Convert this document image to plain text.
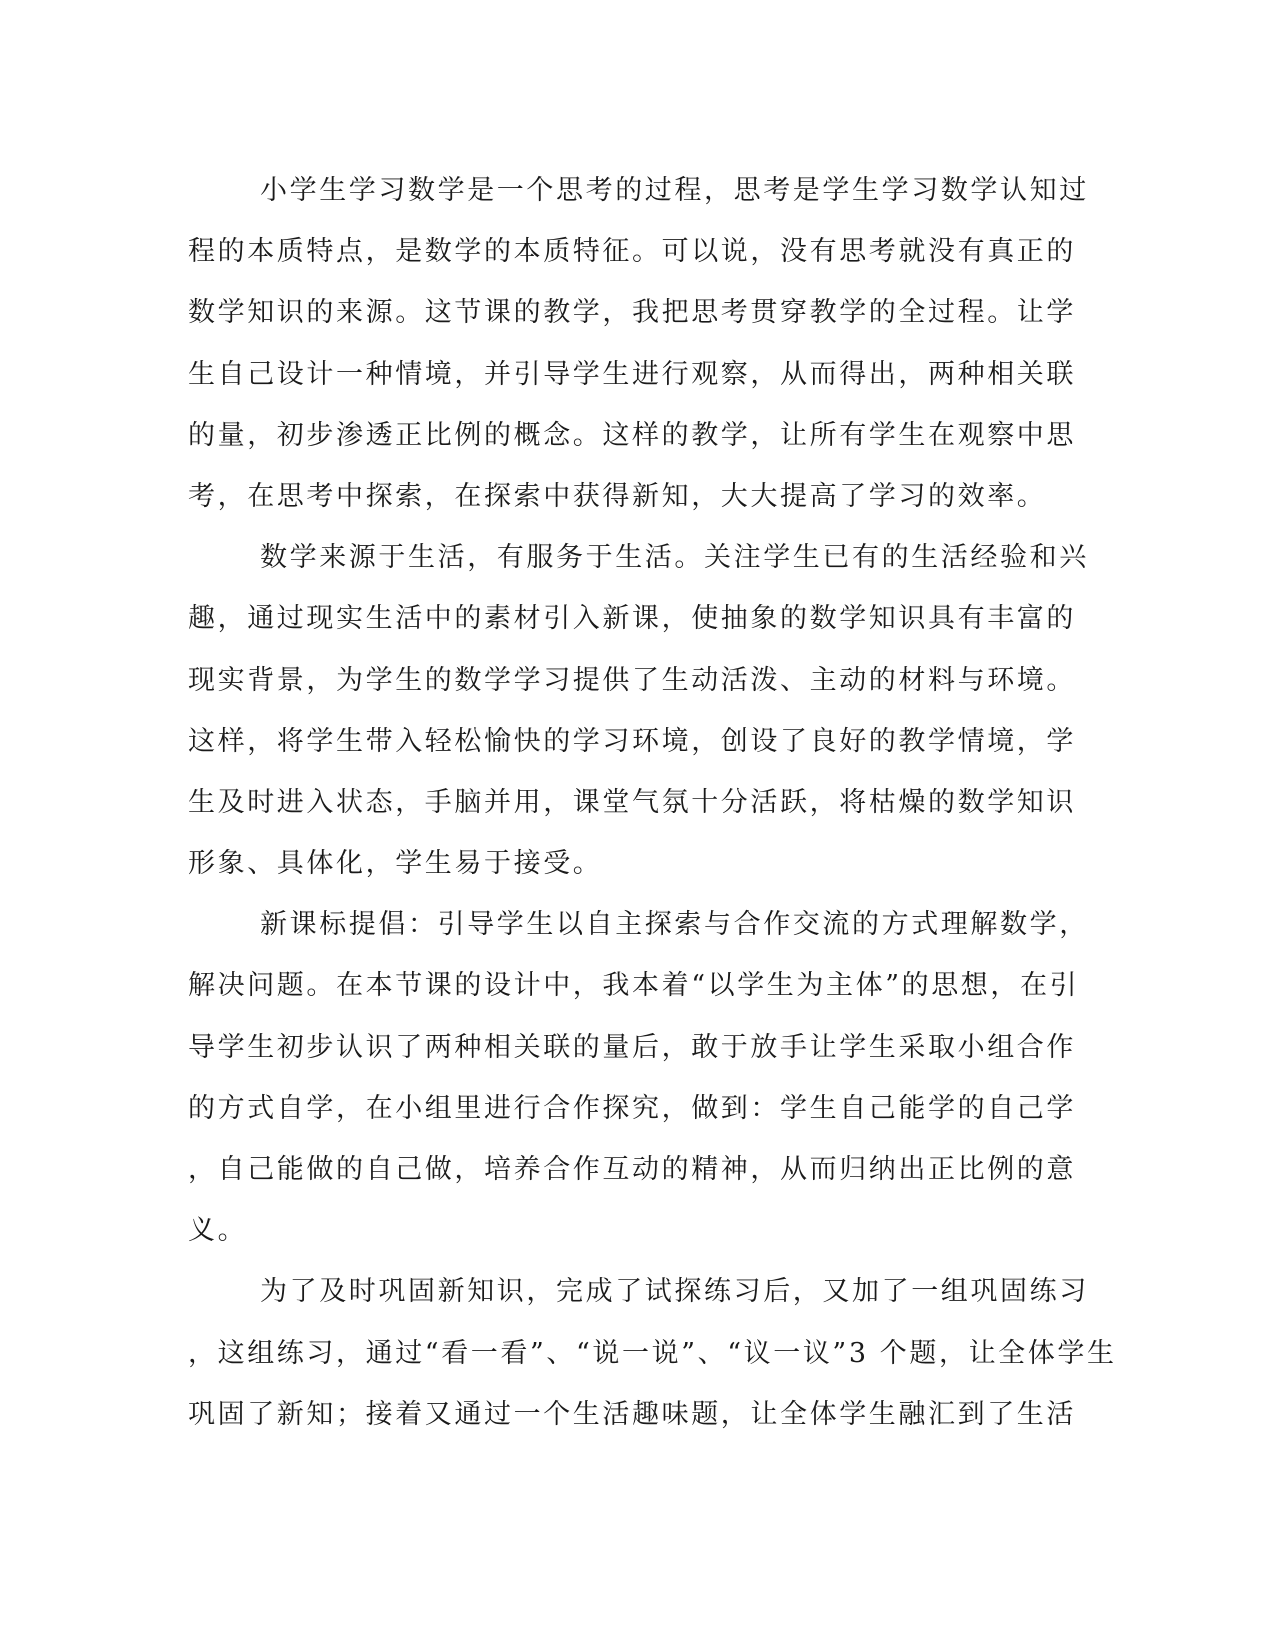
小学生学习数学是一个思考的过程，思考是学生学习数学认知过
程的本质特点，是数学的本质特征。可以说，没有思考就没有真正的
数学知识的来源。这节课的教学，我把思考贯穿教学的全过程。让学
生自己设计一种情境，并引导学生进行观察，从而得出，两种相关联
的量，初步渗透正比例的概念。这样的教学，让所有学生在观察中思
考，在思考中探索，在探索中获得新知，大大提高了学习的效率。
数学来源于生活，有服务于生活。关注学生已有的生活经验和兴
趣，通过现实生活中的素材引入新课，使抽象的数学知识具有丰富的
现实背景，为学生的数学学习提供了生动活泼、主动的材料与环境。
这样，将学生带入轻松愉快的学习环境，创设了良好的教学情境，学
生及时进入状态，手脑并用，课堂气氛十分活跃，将枯燥的数学知识
形象、具体化，学生易于接受。
新课标提倡：引导学生以自主探索与合作交流的方式理解数学，
解决问题。在本节课的设计中，我本着“以学生为主体”的思想，在引
导学生初步认识了两种相关联的量后，敢于放手让学生采取小组合作
的方式自学，在小组里进行合作探究，做到：学生自己能学的自己学
，自己能做的自己做，培养合作互动的精神，从而归纳出正比例的意
义。
为了及时巩固新知识，完成了试探练习后，又加了一组巩固练习
，这组练习，通过“看一看”、“说一说”、“议一议”3 个题，让全体学生
巩固了新知；接着又通过一个生活趣味题，让全体学生融汇到了生活
